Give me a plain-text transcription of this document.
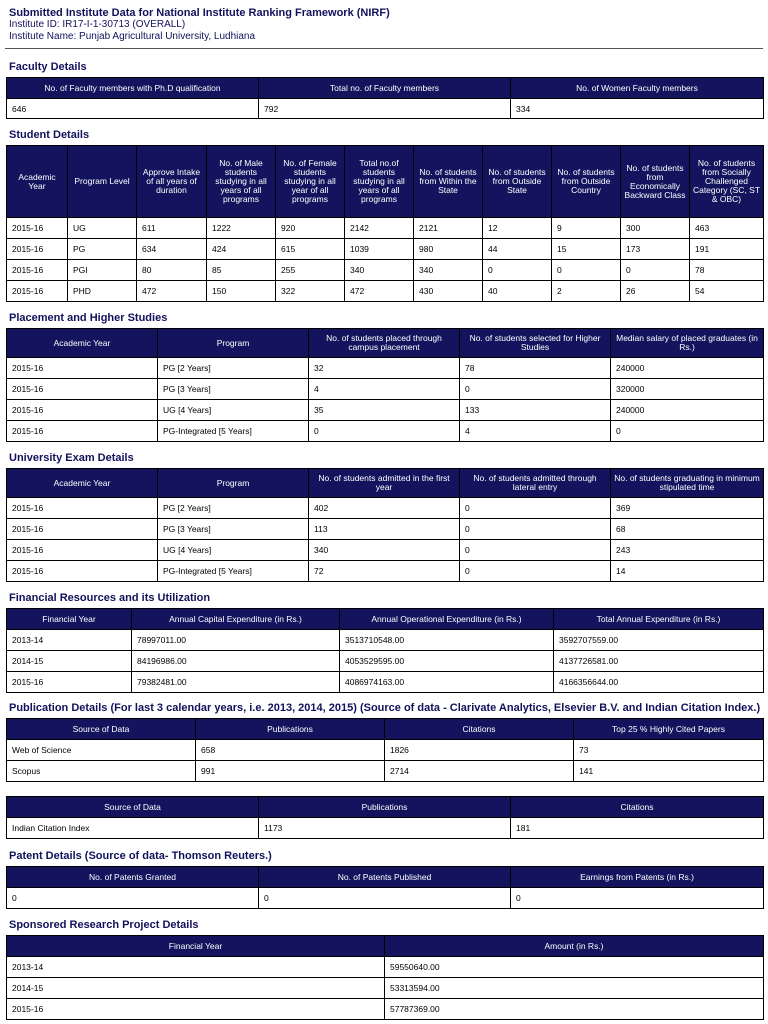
Submitted Institute Data for National Institute Ranking Framework (NIRF)
Institute ID: IR17-I-1-30713 (OVERALL)
Institute Name: Punjab Agricultural University, Ludhiana
Faculty Details
No. of Faculty members with Ph.D qualification	Total no. of Faculty members	No. of Women Faculty members
646	792	334
Student Details
Academic Year	Program Level	Approve Intake of all years of duration	No. of Male students studying in all years of all programs	No. of Female students studying in all year of all programs	Total no.of students studying in all years of all programs	No. of students from Within the State	No. of students from Outside State	No. of students from Outside Country	No. of students from Economically Backward Class	No. of students from Socially Challenged Category (SC, ST & OBC)
2015-16	UG	611	1222	920	2142	2121	12	9	300	463
2015-16	PG	634	424	615	1039	980	44	15	173	191
2015-16	PGI	80	85	255	340	340	0	0	0	78
2015-16	PHD	472	150	322	472	430	40	2	26	54
Placement and Higher Studies
Academic Year	Program	No. of students placed through campus placement	No. of students selected for Higher Studies	Median salary of placed graduates (in Rs.)
2015-16	PG [2 Years]	32	78	240000
2015-16	PG [3 Years]	4	0	320000
2015-16	UG [4 Years]	35	133	240000
2015-16	PG-Integrated [5 Years]	0	4	0
University Exam Details
Academic Year	Program	No. of students admitted in the first year	No. of students admitted through lateral entry	No. of students graduating in minimum stipulated time
2015-16	PG [2 Years]	402	0	369
2015-16	PG [3 Years]	113	0	68
2015-16	UG [4 Years]	340	0	243
2015-16	PG-Integrated [5 Years]	72	0	14
Financial Resources and its Utilization
Financial Year	Annual Capital Expenditure (in Rs.)	Annual Operational Expenditure (in Rs.)	Total Annual Expenditure (in Rs.)
2013-14	78997011.00	3513710548.00	3592707559.00
2014-15	84196986.00	4053529595.00	4137726581.00
2015-16	79382481.00	4086974163.00	4166356644.00
Publication Details (For last 3 calendar years, i.e. 2013, 2014, 2015) (Source of data - Clarivate Analytics, Elsevier B.V. and Indian Citation Index.)
Source of Data	Publications	Citations	Top 25 % Highly Cited Papers
Web of Science	658	1826	73
Scopus	991	2714	141
Source of Data	Publications	Citations
Indian Citation Index	1173	181
Patent Details (Source of data- Thomson Reuters.)
No. of Patents Granted	No. of Patents Published	Earnings from Patents (in Rs.)
0	0	0
Sponsored Research Project Details
Financial Year	Amount (in Rs.)
2013-14	59550640.00
2014-15	53313594.00
2015-16	57787369.00
